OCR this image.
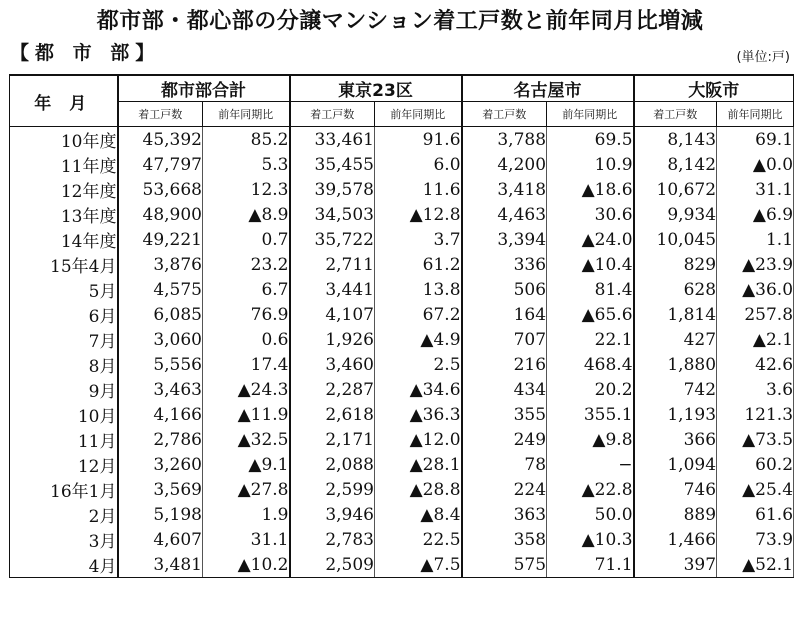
都市部・都心部の分譲マンション着工戸数と前年同月比増減
【都 市 部】	(単位:戸)
年 月	都市部合計		東京23区		名古屋市		大阪市	
	着工戸数	前年同期比	着工戸数	前年同期比	着工戸数	前年同期比	着工戸数	前年同期比
10年度	45,392	85.2	33,461	91.6	3,788	69.5	8,143	69.1
11年度	47,797	5.3	35,455	6.0	4,200	10.9	8,142	▲0.0
12年度	53,668	12.3	39,578	11.6	3,418	▲18.6	10,672	31.1
13年度	48,900	▲8.9	34,503	▲12.8	4,463	30.6	9,934	▲6.9
14年度	49,221	0.7	35,722	3.7	3,394	▲24.0	10,045	1.1
15年4月	3,876	23.2	2,711	61.2	336	▲10.4	829	▲23.9
5月	4,575	6.7	3,441	13.8	506	81.4	628	▲36.0
6月	6,085	76.9	4,107	67.2	164	▲65.6	1,814	257.8
7月	3,060	0.6	1,926	▲4.9	707	22.1	427	▲2.1
8月	5,556	17.4	3,460	2.5	216	468.4	1,880	42.6
9月	3,463	▲24.3	2,287	▲34.6	434	20.2	742	3.6
10月	4,166	▲11.9	2,618	▲36.3	355	355.1	1,193	121.3
11月	2,786	▲32.5	2,171	▲12.0	249	▲9.8	366	▲73.5
12月	3,260	▲9.1	2,088	▲28.1	78	−	1,094	60.2
16年1月	3,569	▲27.8	2,599	▲28.8	224	▲22.8	746	▲25.4
2月	5,198	1.9	3,946	▲8.4	363	50.0	889	61.6
3月	4,607	31.1	2,783	22.5	358	▲10.3	1,466	73.9
4月	3,481	▲10.2	2,509	▲7.5	575	71.1	397	▲52.1
